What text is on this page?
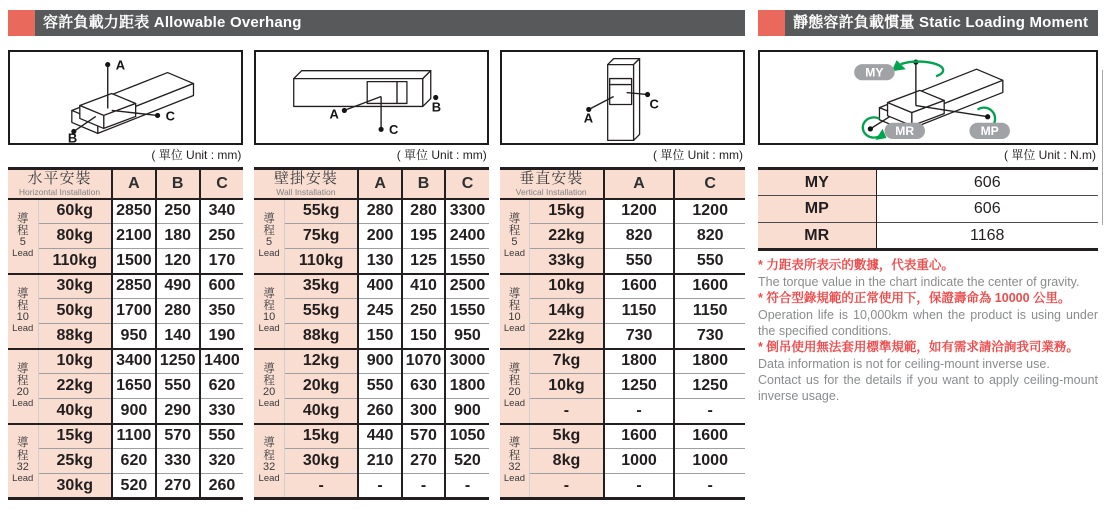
容許負載力距表 Allowable Overhang
A
B
C
( 單位 Unit : mm)
水平安裝
Horizontal Installation		A	B	C

導
程
5
Lead	60kg	2850	250	340
	80kg	2100	180	250
	110kg	1500	120	170

導
程
10
Lead	30kg	2850	490	600
	50kg	1700	280	350
	88kg	950	140	190

導
程
20
Lead	10kg	3400	1250	1400
	22kg	1650	550	620
	40kg	900	290	330

導
程
32
Lead	15kg	1100	570	550
	25kg	620	330	320
	30kg	520	270	260
A	B
C
( 單位 Unit : mm)
壁掛安裝
Wall Installation		A	B	C

導
程
5
Lead	55kg	280	280	3300
	75kg	200	195	2400
	110kg	130	125	1550

導
程
10
Lead	35kg	400	410	2500
	55kg	245	250	1550
	88kg	150	150	950

導
程
20
Lead	12kg	900	1070	3000
	20kg	550	630	1800
	40kg	260	300	900

導
程
32
Lead	15kg	440	570	1050
	30kg	210	270	520
	-	-	-	-
A
C
( 單位 Unit : mm)
垂直安裝
Vertical Installation		A	C

導
程
5
Lead	15kg	1200	1200
	22kg	820	820
	33kg	550	550

導
程
10
Lead	10kg	1600	1600
	14kg	1150	1150
	22kg	730	730

導
程
20
Lead	7kg	1800	1800
	10kg	1250	1250
	-	-	-

導
程
32
Lead	5kg	1600	1600
	8kg	1000	1000
	-	-	-
靜態容許負載慣量 Static Loading Moment
MY
MP
MR
( 單位 Unit : N.m)
MY	606
MP	606
MR	1168
* 力距表所表示的數據，代表重心。
The torque value in the chart indicate the center of gravity.
* 符合型錄規範的正常使用下，保證壽命為 10000 公里。
Operation life is 10,000km when the product is using under the specified conditions.
* 倒吊使用無法套用標準規範，如有需求請洽詢我司業務。
Data information is not for ceiling-mount inverse use.
Contact us for the details if you want to apply ceiling-mount inverse usage.
